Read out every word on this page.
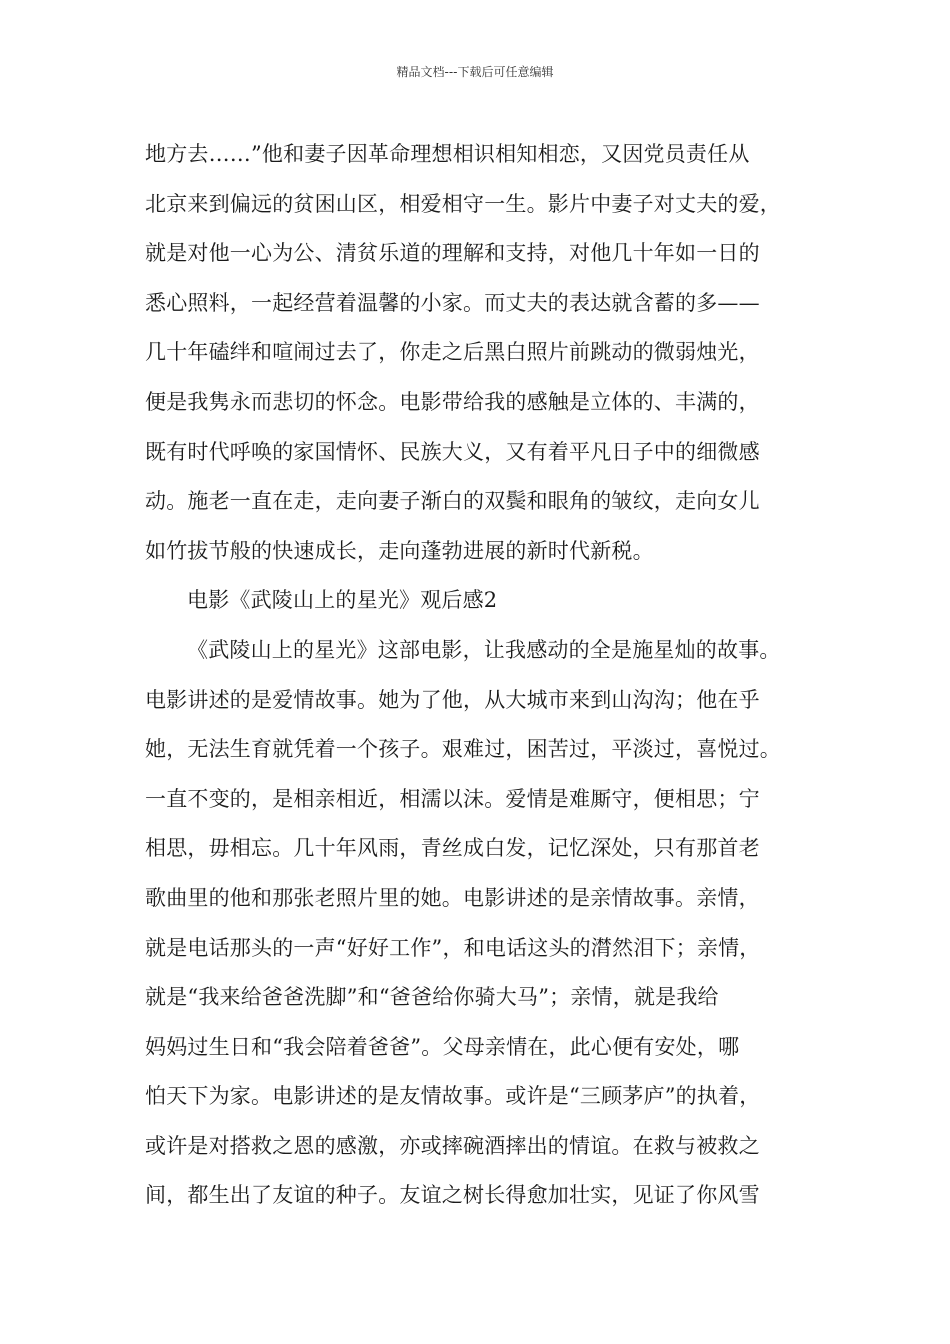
精品文档---下载后可任意编辑
地方去……”他和妻子因革命理想相识相知相恋，又因党员责任从
北京来到偏远的贫困山区，相爱相守一生。影片中妻子对丈夫的爱，
就是对他一心为公、清贫乐道的理解和支持，对他几十年如一日的
悉心照料，一起经营着温馨的小家。而丈夫的表达就含蓄的多——
几十年磕绊和喧闹过去了，你走之后黑白照片前跳动的微弱烛光，
便是我隽永而悲切的怀念。电影带给我的感触是立体的、丰满的，
既有时代呼唤的家国情怀、民族大义，又有着平凡日子中的细微感
动。施老一直在走，走向妻子渐白的双鬓和眼角的皱纹，走向女儿
如竹拔节般的快速成长，走向蓬勃进展的新时代新税。
电影《武陵山上的星光》观后感2
《武陵山上的星光》这部电影，让我感动的全是施星灿的故事。
电影讲述的是爱情故事。她为了他，从大城市来到山沟沟；他在乎
她，无法生育就凭着一个孩子。艰难过，困苦过，平淡过，喜悦过。
一直不变的，是相亲相近，相濡以沫。爱情是难厮守，便相思；宁
相思，毋相忘。几十年风雨，青丝成白发，记忆深处，只有那首老
歌曲里的他和那张老照片里的她。电影讲述的是亲情故事。亲情，
就是电话那头的一声“好好工作”，和电话这头的潸然泪下；亲情，
就是“我来给爸爸洗脚”和“爸爸给你骑大马”；亲情，就是我给
妈妈过生日和“我会陪着爸爸”。父母亲情在，此心便有安处，哪
怕天下为家。电影讲述的是友情故事。或许是“三顾茅庐”的执着，
或许是对搭救之恩的感激，亦或摔碗酒摔出的情谊。在救与被救之
间，都生出了友谊的种子。友谊之树长得愈加壮实，见证了你风雪
